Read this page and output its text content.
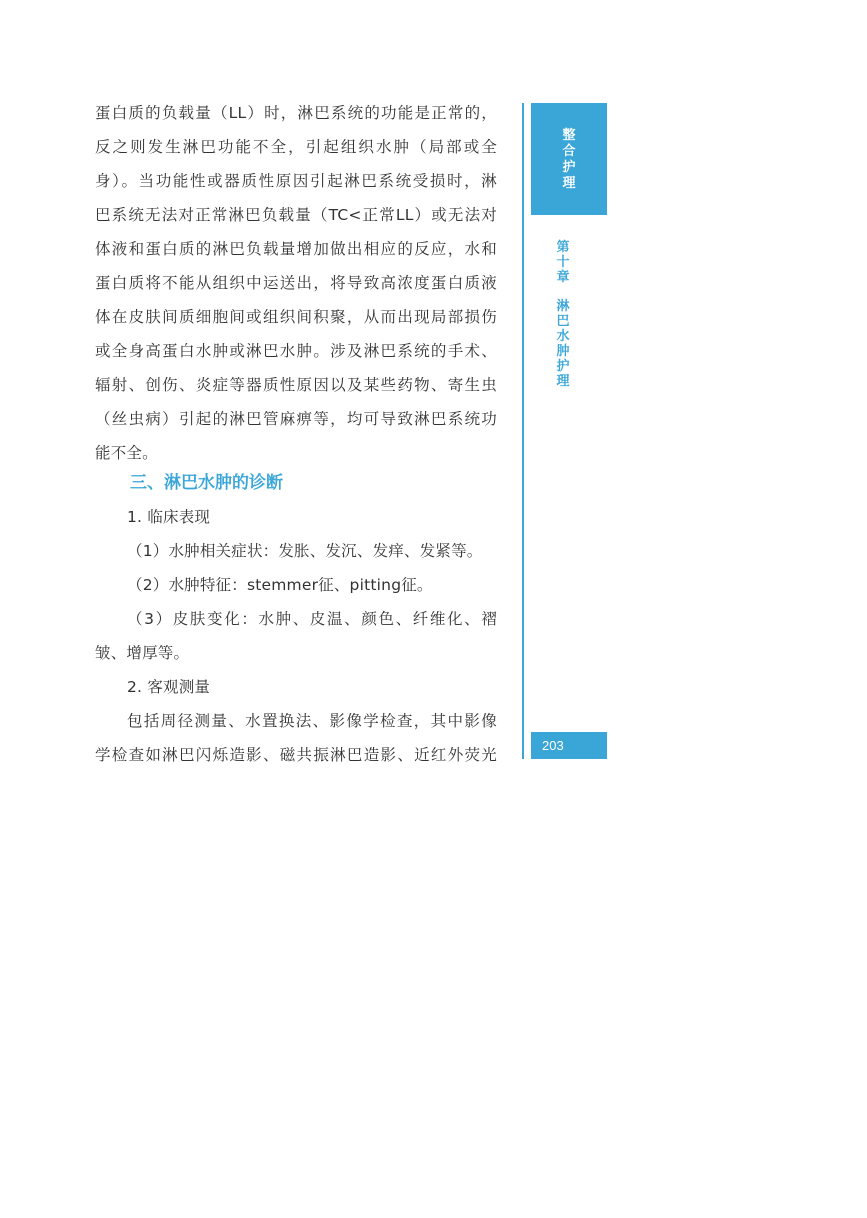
蛋白质的负载量（LL）时，淋巴系统的功能是正常的，
反之则发生淋巴功能不全，引起组织水肿（局部或全
身）。当功能性或器质性原因引起淋巴系统受损时，淋
巴系统无法对正常淋巴负载量（TC<正常LL）或无法对
体液和蛋白质的淋巴负载量增加做出相应的反应，水和
蛋白质将不能从组织中运送出，将导致高浓度蛋白质液
体在皮肤间质细胞间或组织间积聚，从而出现局部损伤
或全身高蛋白水肿或淋巴水肿。涉及淋巴系统的手术、
辐射、创伤、炎症等器质性原因以及某些药物、寄生虫
（丝虫病）引起的淋巴管麻痹等，均可导致淋巴系统功
能不全。
三、淋巴水肿的诊断
1. 临床表现
（1）水肿相关症状：发胀、发沉、发痒、发紧等。
（2）水肿特征：stemmer征、pitting征。
（3）皮肤变化：水肿、皮温、颜色、纤维化、褶
皱、增厚等。
2. 客观测量
包括周径测量、水置换法、影像学检查，其中影像
学检查如淋巴闪烁造影、磁共振淋巴造影、近红外荧光
整合护理
第
十
章
淋
巴
水
肿
护
理
203
